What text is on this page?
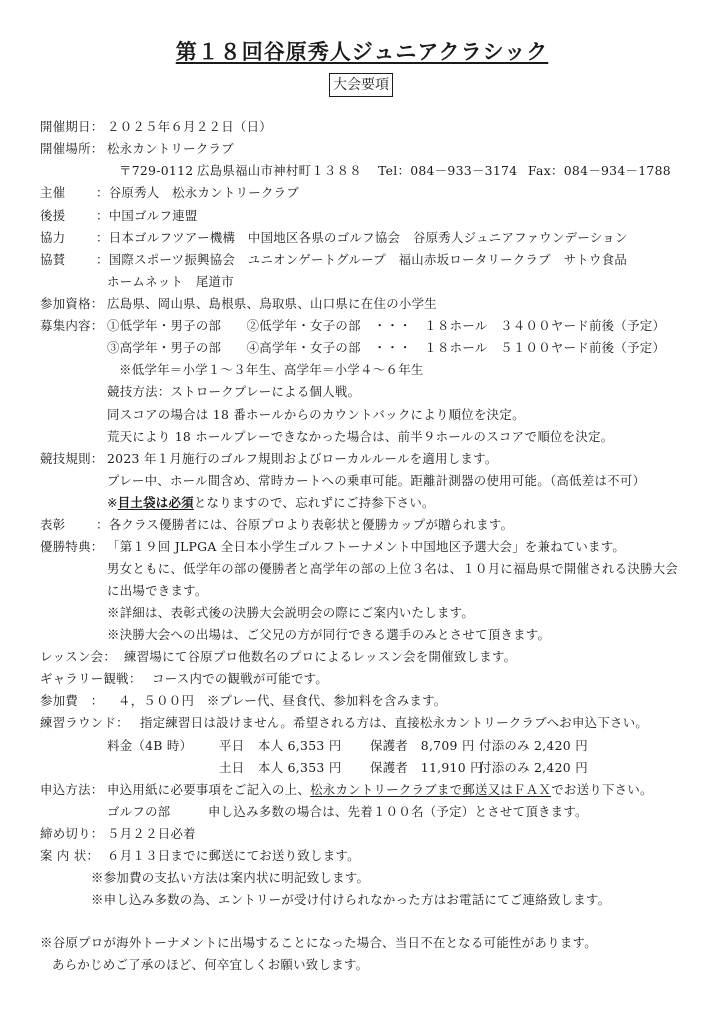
第１８回谷原秀人ジュニアクラシック
大会要項
開催期日： ２０２５年６月２２日（日）
開催場所： 松永カントリークラブ
〒729-0112 広島県福山市神村町１３８８ Tel：084－933－3174 Fax：084－934－1788
主催 ：谷原秀人　松永カントリークラブ
後援 ：中国ゴルフ連盟
協力 ：日本ゴルフツアー機構　中国地区各県のゴルフ協会　谷原秀人ジュニアファウンデーション
協賛 ：国際スポーツ振興協会　ユニオンゲートグループ　福山赤坂ロータリークラブ　サトウ食品
ホームネット　尾道市
参加資格： 広島県、岡山県、島根県、鳥取県、山口県に在住の小学生
募集内容： ①低学年・男子の部　　②低学年・女子の部　・・・　１８ホール　３４００ヤード前後（予定）
③高学年・男子の部　　④高学年・女子の部　・・・　１８ホール　５１００ヤード前後（予定）
※低学年＝小学１～３年生、高学年＝小学４～６年生
競技方法：ストロークプレーによる個人戦。
同スコアの場合は 18 番ホールからのカウントバックにより順位を決定。
荒天により 18 ホールプレーできなかった場合は、前半９ホールのスコアで順位を決定。
競技規則： 2023 年１月施行のゴルフ規則およびローカルルールを適用します。
プレー中、ホール間含め、常時カートへの乗車可能。距離計測器の使用可能。（高低差は不可）
※目土袋は必須となりますので、忘れずにご持参下さい。
表彰 ：各クラス優勝者には、谷原プロより表彰状と優勝カップが贈られます。
優勝特典： 「第１９回 JLPGA 全日本小学生ゴルフトーナメント中国地区予選大会」を兼ねています。
男女ともに、低学年の部の優勝者と高学年の部の上位３名は、１０月に福島県で開催される決勝大会
に出場できます。
※詳細は、表彰式後の決勝大会説明会の際にご案内いたします。
※決勝大会への出場は、ご父兄の方が同行できる選手のみとさせて頂きます。
レッスン会： 練習場にて谷原プロ他数名のプロによるレッスン会を開催致します。
ギャラリー観戦： コース内での観戦が可能です。
参加費　： ４，５００円　※プレー代、昼食代、参加料を含みます。
練習ラウンド： 指定練習日は設けません。希望される方は、直接松永カントリークラブへお申込下さい。
料金（4B 時） 平日 本人 6,353 円 保護者　8,709 円 付添のみ 2,420 円
土日 本人 6,353 円 保護者　11,910 円
付添のみ 2,420 円
申込方法： 申込用紙に必要事項をご記入の上、松永カントリークラブまで郵送又はＦＡＸでお送り下さい。
ゴルフの部	申し込み多数の場合は、先着１００名（予定）とさせて頂きます。
締め切り： ５月２２日必着
案 内 状： ６月１３日までに郵送にてお送り致します。
※参加費の支払い方法は案内状に明記致します。
※申し込み多数の為、エントリーが受け付けられなかった方はお電話にてご連絡致します。
※谷原プロが海外トーナメントに出場することになった場合、当日不在となる可能性があります。
あらかじめご了承のほど、何卒宜しくお願い致します。
